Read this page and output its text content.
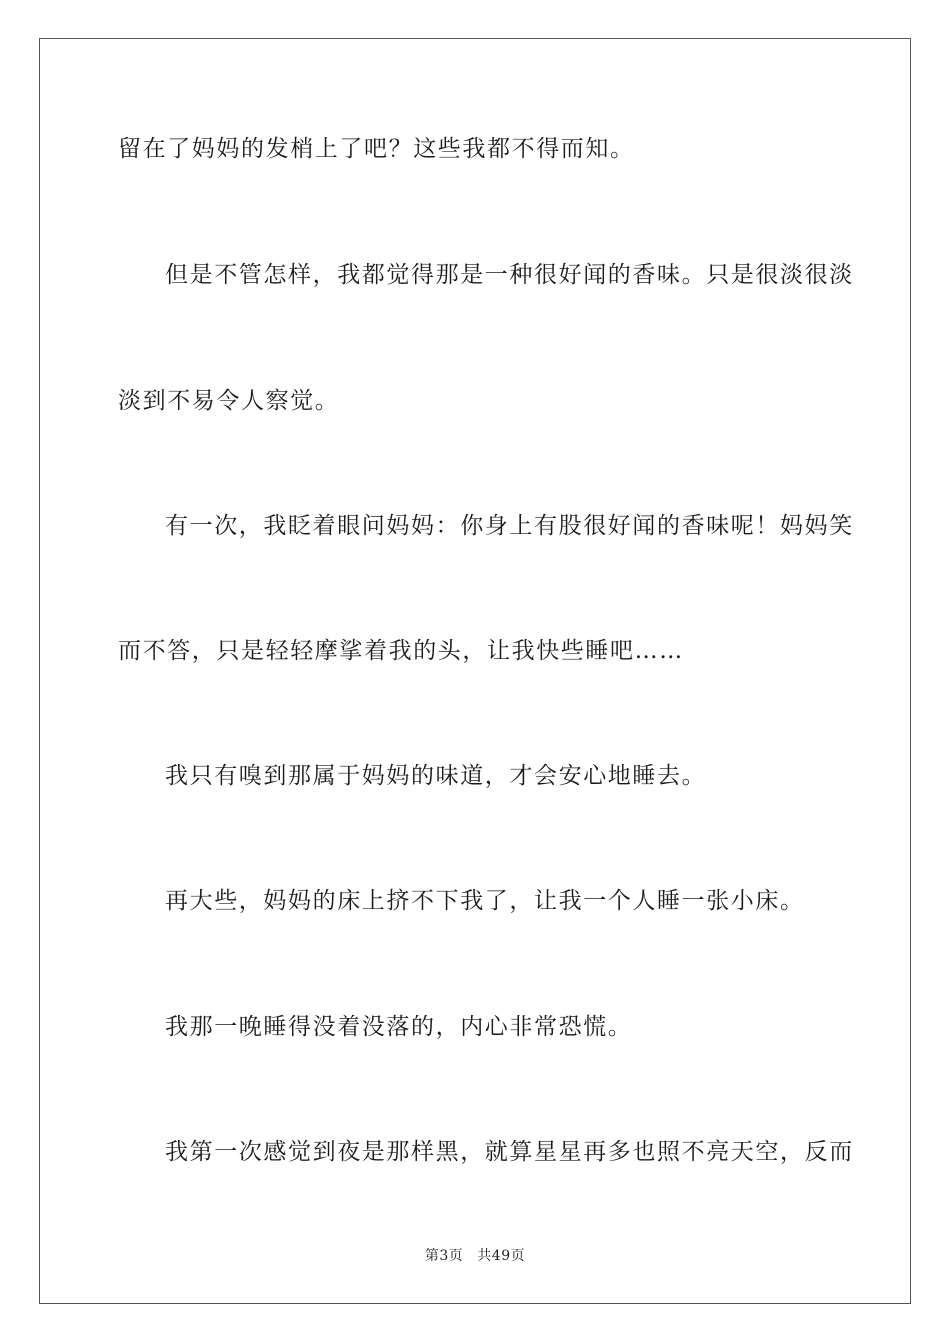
留在了妈妈的发梢上了吧？这些我都不得而知。
但是不管怎样，我都觉得那是一种很好闻的香味。只是很淡很淡
淡到不易令人察觉。
有一次，我眨着眼问妈妈：你身上有股很好闻的香味呢！妈妈笑
而不答，只是轻轻摩挲着我的头，让我快些睡吧……
我只有嗅到那属于妈妈的味道，才会安心地睡去。
再大些，妈妈的床上挤不下我了，让我一个人睡一张小床。
我那一晚睡得没着没落的，内心非常恐慌。
我第一次感觉到夜是那样黑，就算星星再多也照不亮天空，反而
第3页 共49页
